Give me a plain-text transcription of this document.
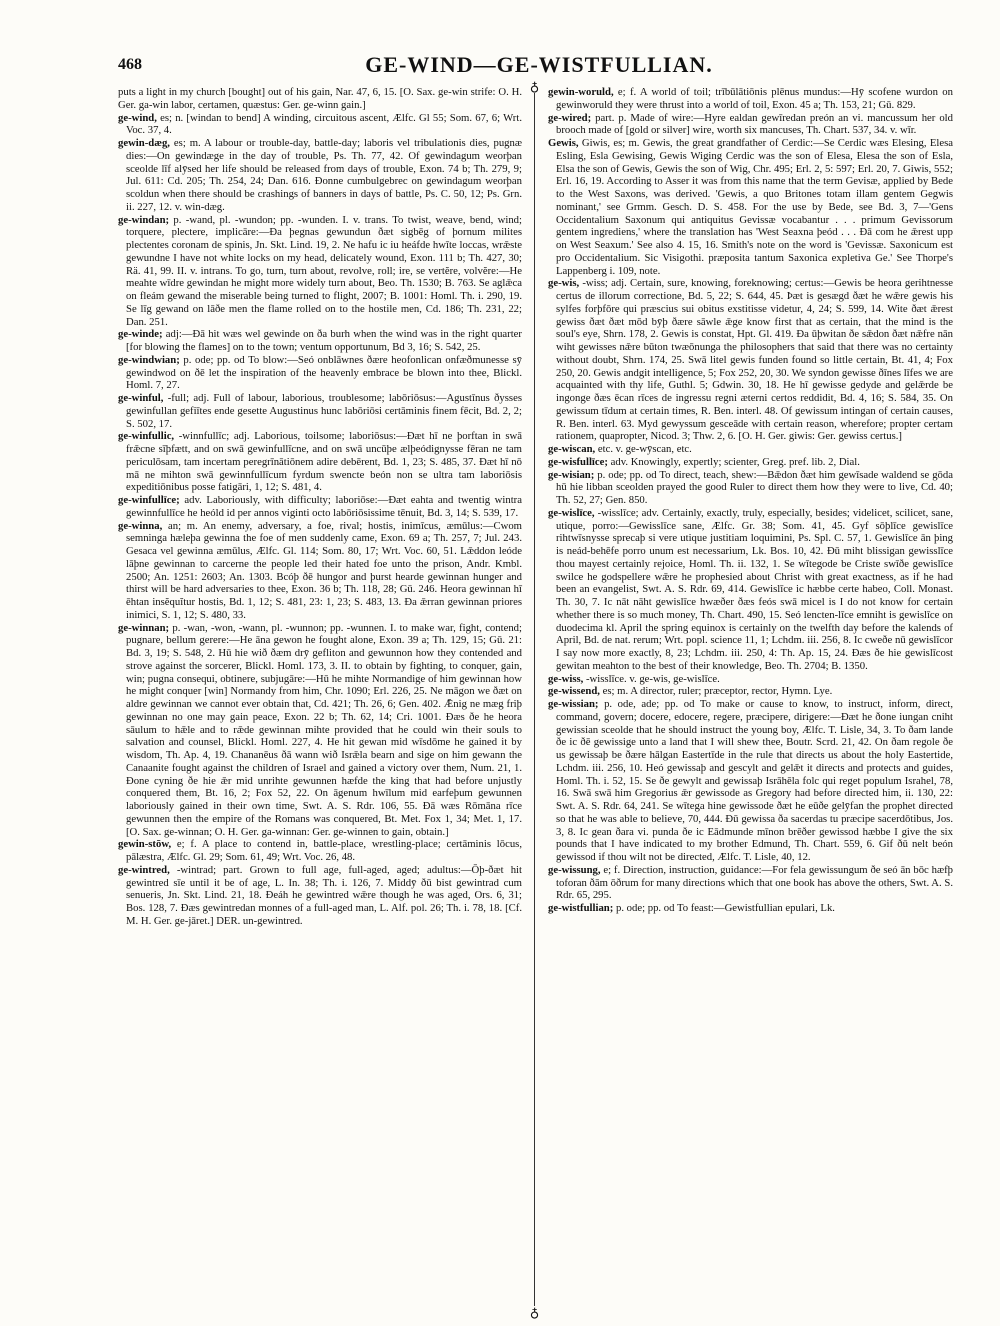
468	GE-WIND—GE-WISTFULLIAN.

puts a light in my church [bought] out of his gain, Nar. 47, 6, 15. [O. Sax. ge-win strife: O. H. Ger. ga-win labor, certamen, quæstus: Ger. ge-winn gain.]

ge-wind, es; n. [windan to bend] A winding, circuitous ascent, Ælfc. Gl 55; Som. 67, 6; Wrt. Voc. 37, 4.

gewin-dæg, es; m. A labour or trouble-day, battle-day; laboris vel tribulationis dies, pugnæ dies:—On gewindæge in the day of trouble, Ps. Th. 77, 42. Of gewindagum weorþan sceolde līf alȳsed her life should be released from days of trouble, Exon. 74 b; Th. 279, 9; Jul. 611: Cd. 205; Th. 254, 24; Dan. 616. Ðonne cumbulgebrec on gewindagum weorþan scoldun when there should be crashings of banners in days of battle, Ps. C. 50, 12; Ps. Grn. ii. 227, 12. v. win-dæg.

ge-windan; p. -wand, pl. -wundon; pp. -wunden. I. v. trans. To twist, weave, bend, wind; torquere, plectere, implicāre:—Ða þegnas gewundun ðæt sigbēg of þornum milites plectentes coronam de spinis, Jn. Skt. Lind. 19, 2. Ne hafu ic iu heáfde hwīte loccas, wrǣste gewundne I have not white locks on my head, delicately wound, Exon. 111 b; Th. 427, 30; Rä. 41, 99. II. v. intrans. To go, turn, turn about, revolve, roll; ire, se vertĕre, volvĕre:—He meahte wīdre gewindan he might more widely turn about, Beo. Th. 1530; B. 763. Se aglǣca on fleám gewand the miserable being turned to flight, 2007; B. 1001: Homl. Th. i. 290, 19. Se līg gewand on lāðe men the flame rolled on to the hostile men, Cd. 186; Th. 231, 22; Dan. 251.

ge-winde; adj:—Ðā hit wæs wel gewinde on ða burh when the wind was in the right quarter [for blowing the flames] on to the town; ventum opportunum, Bd 3, 16; S. 542, 25.

ge-windwian; p. ode; pp. od To blow:—Seó onblāwnes ðære heofonlican onfæðmunesse sȳ gewindwod on ðē let the inspiration of the heavenly embrace be blown into thee, Blickl. Homl. 7, 27.

ge-winful, -full; adj. Full of labour, laborious, troublesome; labōriōsus:—Agustīnus ðysses gewinfullan gefiītes ende gesette Augustinus hunc labōriōsi certāminis finem fēcit, Bd. 2, 2; S. 502, 17.

ge-winfullic, -winnfullīc; adj. Laborious, toilsome; laboriōsus:—Ðæt hī ne þorftan in swā frǣcne sīþfætt, and on swā gewinfullīcne, and on swā uncūþe ælþeódignysse fēran ne tam periculōsam, tam incertam peregrīnātiōnem adire debērent, Bd. 1, 23; S. 485, 37. Ðæt hī nō mā ne mihton swā gewinnfullīcum fyrdum swencte beón non se ultra tam laboriōsis expeditiōnibus posse fatigāri, 1, 12; S. 481, 4.

ge-winfullīce; adv. Laboriously, with difficulty; laboriōse:—Ðæt eahta and twentig wintra gewinnfullīce he heóld id per annos viginti octo labōriōsissime tēnuit, Bd. 3, 14; S. 539, 17.

ge-winna, an; m. An enemy, adversary, a foe, rival; hostis, inimīcus, æmūlus:—Cwom semninga hæleþa gewinna the foe of men suddenly came, Exon. 69 a; Th. 257, 7; Jul. 243. Gesaca vel gewinna æmūlus, Ælfc. Gl. 114; Som. 80, 17; Wrt. Voc. 60, 51. Lǣddon leóde lāþne gewinnan to carcerne the people led their hated foe unto the prison, Andr. Kmbl. 2500; An. 1251: 2603; An. 1303. Bcóþ ðē hungor and þurst hearde gewinnan hunger and thirst will be hard adversaries to thee, Exon. 36 b; Th. 118, 28; Gū. 246. Heora gewinnan hī ēhtan insĕquĭtur hostis, Bd. 1, 12; S. 481, 23: 1, 23; S. 483, 13. Ða ǣrran gewinnan priores inimici, S. 1, 12; S. 480, 33.

ge-winnan; p. -wan, -won, -wann, pl. -wunnon; pp. -wunnen. I. to make war, fight, contend; pugnare, bellum gerere:—He āna gewon he fought alone, Exon. 39 a; Th. 129, 15; Gū. 21: Bd. 3, 19; S. 548, 2. Hū hie wið ðæm drȳ gefliton and gewunnon how they contended and strove against the sorcerer, Blickl. Homl. 173, 3. II. to obtain by fighting, to conquer, gain, win; pugna consequi, obtinere, subjugāre:—Hū he mihte Normandige of him gewinnan how he might conquer [win] Normandy from him, Chr. 1090; Erl. 226, 25. Ne māgon we ðæt on aldre gewinnan we cannot ever obtain that, Cd. 421; Th. 26, 6; Gen. 402. Ǣnig ne mæg friþ gewinnan no one may gain peace, Exon. 22 b; Th. 62, 14; Cri. 1001. Ðæs ðe he heora sāulum to hǣle and to rǣde gewinnan mihte provided that he could win their souls to salvation and counsel, Blickl. Homl. 227, 4. He hit gewan mid wīsdōme he gained it by wisdom, Th. Ap. 4, 19. Chananēus ðā wann wið Isrǣla bearn and sige on him gewann the Canaanite fought against the children of Israel and gained a victory over them, Num. 21, 1. Ðone cyning ðe hie ǣr mid unrihte gewunnen hæfde the king that had before unjustly conquered them, Bt. 16, 2; Fox 52, 22. On āgenum hwīlum mid earfeþum gewunnen laboriously gained in their own time, Swt. A. S. Rdr. 106, 55. Ðā wæs Rōmāna rīce gewunnen then the empire of the Romans was conquered, Bt. Met. Fox 1, 34; Met. 1, 17. [O. Sax. ge-winnan; O. H. Ger. ga-winnan: Ger. ge-winnen to gain, obtain.]

gewin-stōw, e; f. A place to contend in, battle-place, wrestling-place; certāminis lōcus, pālæstra, Ælfc. Gl. 29; Som. 61, 49; Wrt. Voc. 26, 48.

ge-wintred, -wintrad; part. Grown to full age, full-aged, aged; adultus:—Ōþ-ðæt hit gewintred sīe until it be of age, L. In. 38; Th. i. 126, 7. Middȳ ðū bist gewintrad cum senueris, Jn. Skt. Lind. 21, 18. Ðeáh he gewintred wǣre though he was aged, Ors. 6, 31; Bos. 128, 7. Ðæs gewintredan monnes of a full-aged man, L. Alf. pol. 26; Th. i. 78, 18. [Cf. M. H. Ger. ge-jāret.] DER. un-gewintred.

♁
♁

gewin-woruld, e; f. A world of toil; trībūlātiōnis plēnus mundus:—Hȳ scofene wurdon on gewinworuld they were thrust into a world of toil, Exon. 45 a; Th. 153, 21; Gū. 829.

ge-wired; part. p. Made of wire:—Hyre ealdan gewīredan preón an vi. mancussum her old brooch made of [gold or silver] wire, worth six mancuses, Th. Chart. 537, 34. v. wīr.

Gewis, Giwis, es; m. Gewis, the great grandfather of Cerdic:—Se Cerdic wæs Elesing, Elesa Esling, Esla Gewising, Gewis Wiging Cerdic was the son of Elesa, Elesa the son of Esla, Elsa the son of Gewis, Gewis the son of Wig, Chr. 495; Erl. 2, 5: 597; Erl. 20, 7. Giwis, 552; Erl. 16, 19. According to Asser it was from this name that the term Gevisæ, applied by Bede to the West Saxons, was derived. 'Gewis, a quo Britones totam illam gentem Gegwis nominant,' see Grmm. Gesch. D. S. 458. For the use by Bede, see Bd. 3, 7—'Gens Occidentalium Saxonum qui antiquitus Gevissæ vocabantur . . . primum Gevissorum gentem ingrediens,' where the translation has 'West Seaxna þeód . . . Ðā com he ǣrest upp on West Seaxum.' See also 4. 15, 16. Smith's note on the word is 'Gevissæ. Saxonicum est pro Occidentalium. Sic Visigothi. præposita tantum Saxonica expletiva Ge.' See Thorpe's Lappenberg i. 109, note.

ge-wis, -wiss; adj. Certain, sure, knowing, foreknowing; certus:—Gewis be heora gerihtnesse certus de illorum correctione, Bd. 5, 22; S. 644, 45. Þæt is gesægd ðæt he wǣre gewis his sylfes forþfōre qui præscius sui obitus exstitisse videtur, 4, 24; S. 599, 14. Wite ðæt ǣrest gewiss ðæt ðæt mōd bȳþ ðære sāwle ǣge know first that as certain, that the mind is the soul's eye, Shrn. 178, 2. Gewis is constat, Hpt. Gl. 419. Ða ūþwitan ðe sǣdon ðæt nǣfre nān wiht gewisses nǣre būton twæōnunga the philosophers that said that there was no certainty without doubt, Shrn. 174, 25. Swā litel gewis funden found so little certain, Bt. 41, 4; Fox 250, 20. Gewis andgit intelligence, 5; Fox 252, 20, 30. We syndon gewisse ðīnes līfes we are acquainted with thy life, Guthl. 5; Gdwin. 30, 18. He hī gewisse gedyde and gelǣrde be ingonge ðæs ēcan rīces de ingressu regni æterni certos reddidit, Bd. 4, 16; S. 584, 35. On gewissum tīdum at certain times, R. Ben. interl. 48. Of gewissum intingan of certain causes, R. Ben. interl. 63. Myd gewyssum gesceāde with certain reason, wherefore; propter certam rationem, quapropter, Nicod. 3; Thw. 2, 6. [O. H. Ger. giwis: Ger. gewiss certus.]

ge-wiscan, etc. v. ge-wȳscan, etc.

ge-wisfullīce; adv. Knowingly, expertly; scienter, Greg. pref. lib. 2, Dial.

ge-wisian; p. ode; pp. od To direct, teach, shew:—Bǣdon ðæt him gewīsade waldend se gōda hū hie libban sceolden prayed the good Ruler to direct them how they were to live, Cd. 40; Th. 52, 27; Gen. 850.

ge-wislīce, -wisslīce; adv. Certainly, exactly, truly, especially, besides; videlicet, scilicet, sane, utique, porro:—Gewisslīce sane, Ælfc. Gr. 38; Som. 41, 45. Gyf sōþlīce gewislīce rihtwīsnysse sprecaþ si vere utique justitiam loquimini, Ps. Spl. C. 57, 1. Gewislīce ān þing is neád-behēfe porro unum est necessarium, Lk. Bos. 10, 42. Ðū miht blissigan gewisslīce thou mayest certainly rejoice, Homl. Th. ii. 132, 1. Se wītegode be Criste swīðe gewislīce swilce he godspellere wǣre he prophesied about Christ with great exactness, as if he had been an evangelist, Swt. A. S. Rdr. 69, 414. Gewislīce ic hæbbe certe habeo, Coll. Monast. Th. 30, 7. Ic nāt nāht gewislīce hwæðer ðæs feós swā micel is I do not know for certain whether there is so much money, Th. Chart. 490, 15. Seó lencten-līce emniht is gewislīce on duodecima kl. April the spring equinox is certainly on the twelfth day before the kalends of April, Bd. de nat. rerum; Wrt. popl. science 11, 1; Lchdm. iii. 256, 8. Ic cweðe nū gewislīcor I say now more exactly, 8, 23; Lchdm. iii. 250, 4: Th. Ap. 15, 24. Ðæs ðe hie gewislīcost gewitan meahton to the best of their knowledge, Beo. Th. 2704; B. 1350.

ge-wiss, -wisslīce. v. ge-wis, ge-wislīce.

ge-wissend, es; m. A director, ruler; præceptor, rector, Hymn. Lye.

ge-wissian; p. ode, ade; pp. od To make or cause to know, to instruct, inform, direct, command, govern; docere, edocere, regere, præcipere, dirigere:—Ðæt he ðone iungan cniht gewissian sceolde that he should instruct the young boy, Ælfc. T. Lisle, 34, 3. To ðam lande ðe ic ðē gewissige unto a land that I will shew thee, Boutr. Scrd. 21, 42. On ðam regole ðe us gewissaþ be ðære hālgan Eastertīde in the rule that directs us about the holy Eastertide, Lchdm. iii. 256, 10. Heó gewissaþ and gescylt and gelǣt it directs and protects and guides, Homl. Th. i. 52, 15. Se ðe gewylt and gewissaþ Isrāhēla folc qui reget populum Israhel, 78, 16. Swā swā him Gregorius ǣr gewissode as Gregory had before directed him, ii. 130, 22: Swt. A. S. Rdr. 64, 241. Se wītega hine gewissode ðæt he eūðe gelȳfan the prophet directed so that he was able to believe, 70, 444. Ðū gewissa ða sacerdas tu præcipe sacerdōtibus, Jos. 3, 8. Ic gean ðara vi. punda ðe ic Eādmunde mīnon brēðer gewissod hæbbe I give the six pounds that I have indicated to my brother Edmund, Th. Chart. 559, 6. Gif ðū nelt beón gewissod if thou wilt not be directed, Ælfc. T. Lisle, 40, 12.

ge-wissung, e; f. Direction, instruction, guidance:—For fela gewissungum ðe seó ān bōc hæfþ toforan ðām ōðrum for many directions which that one book has above the others, Swt. A. S. Rdr. 65, 295.

ge-wistfullian; p. ode; pp. od To feast:—Gewistfullian epulari, Lk.
